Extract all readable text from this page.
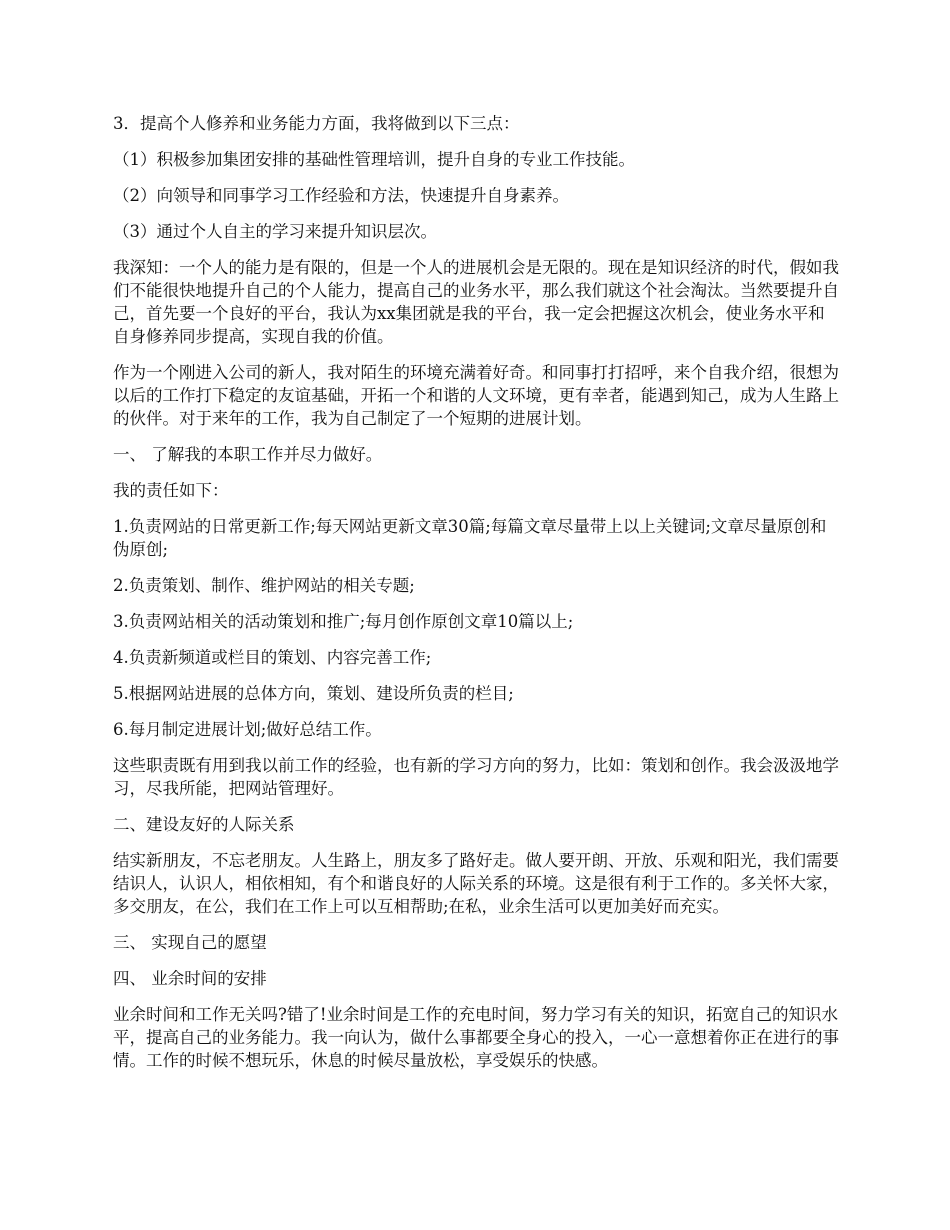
3．提高个人修养和业务能力方面，我将做到以下三点：

（1）积极参加集团安排的基础性管理培训，提升自身的专业工作技能。

（2）向领导和同事学习工作经验和方法，快速提升自身素养。

（3）通过个人自主的学习来提升知识层次。

我深知：一个人的能力是有限的，但是一个人的进展机会是无限的。现在是知识经济的时代，假如我们不能很快地提升自己的个人能力，提高自己的业务水平，那么我们就这个社会淘汰。当然要提升自己，首先要一个良好的平台，我认为xx集团就是我的平台，我一定会把握这次机会，使业务水平和自身修养同步提高，实现自我的价值。

作为一个刚进入公司的新人，我对陌生的环境充满着好奇。和同事打打招呼，来个自我介绍，很想为以后的工作打下稳定的友谊基础，开拓一个和谐的人文环境，更有幸者，能遇到知己，成为人生路上的伙伴。对于来年的工作，我为自己制定了一个短期的进展计划。

一、 了解我的本职工作并尽力做好。

我的责任如下：

1.负责网站的日常更新工作;每天网站更新文章30篇;每篇文章尽量带上以上关键词;文章尽量原创和伪原创;

2.负责策划、制作、维护网站的相关专题;

3.负责网站相关的活动策划和推广;每月创作原创文章10篇以上;

4.负责新频道或栏目的策划、内容完善工作;

5.根据网站进展的总体方向，策划、建设所负责的栏目;

6.每月制定进展计划;做好总结工作。

这些职责既有用到我以前工作的经验，也有新的学习方向的努力，比如：策划和创作。我会汲汲地学习，尽我所能，把网站管理好。

二、建设友好的人际关系

结实新朋友，不忘老朋友。人生路上，朋友多了路好走。做人要开朗、开放、乐观和阳光，我们需要结识人，认识人，相依相知，有个和谐良好的人际关系的环境。这是很有利于工作的。多关怀大家，多交朋友，在公，我们在工作上可以互相帮助;在私，业余生活可以更加美好而充实。

三、 实现自己的愿望

四、 业余时间的安排

业余时间和工作无关吗?错了!业余时间是工作的充电时间，努力学习有关的知识，拓宽自己的知识水平，提高自己的业务能力。我一向认为，做什么事都要全身心的投入，一心一意想着你正在进行的事情。工作的时候不想玩乐，休息的时候尽量放松，享受娱乐的快感。
